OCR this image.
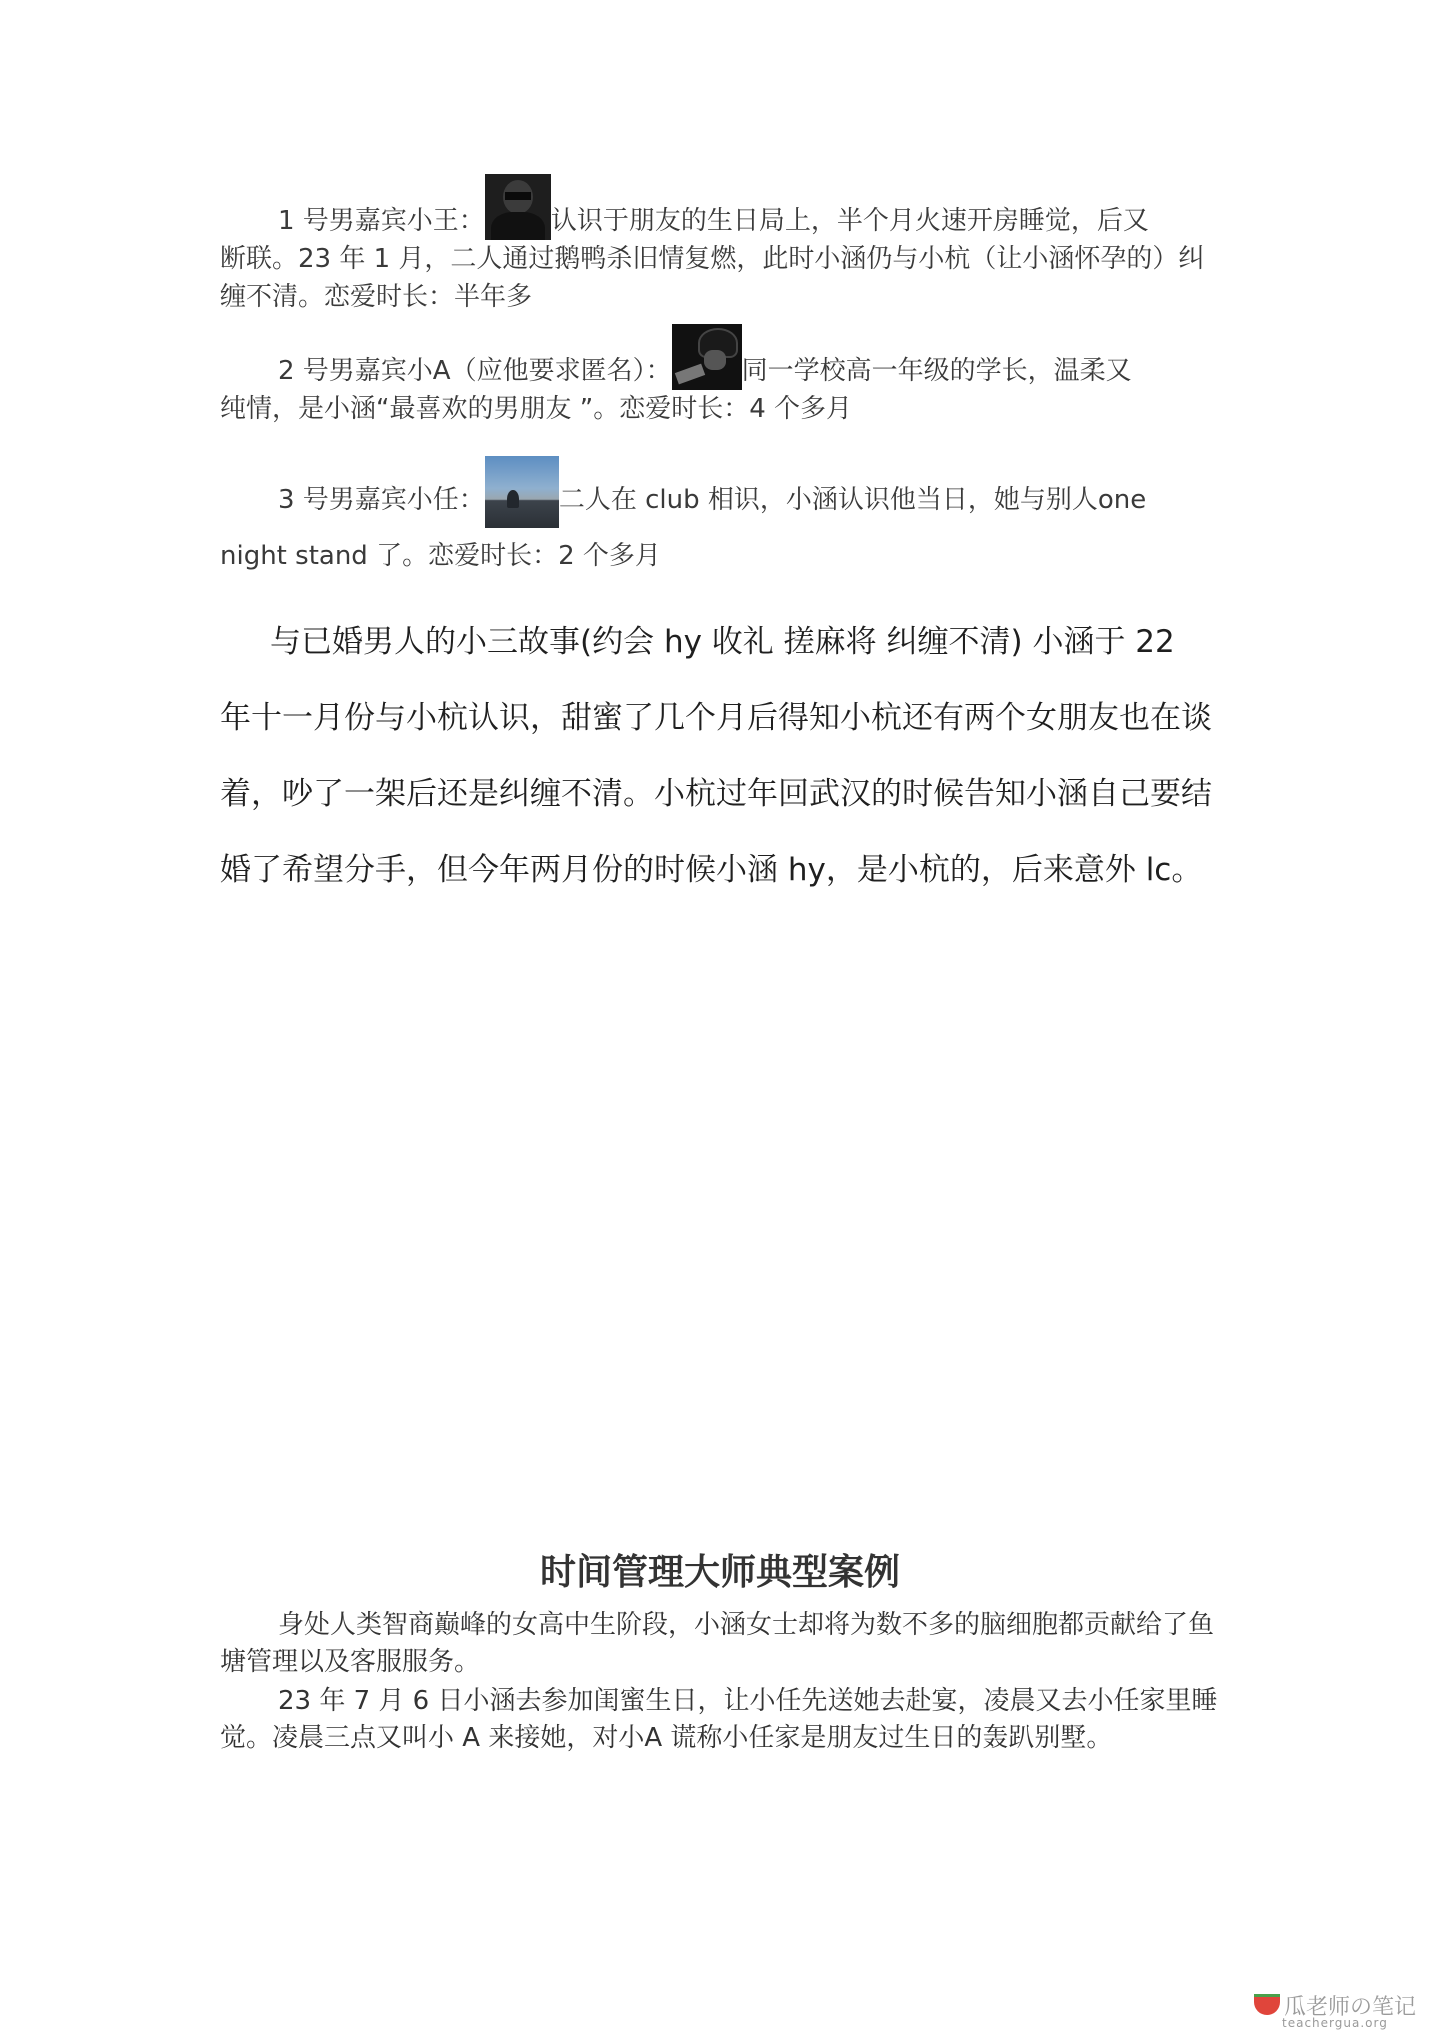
1 号男嘉宾小王：	认识于朋友的生日局上，半个月火速开房睡觉，后又
断联。23 年 1 月，二人通过鹅鸭杀旧情复燃，此时小涵仍与小杭（让小涵怀孕的）纠缠不清。恋爱时长：半年多
2 号男嘉宾小A（应他要求匿名）：	同一学校高一年级的学长，温柔又
纯情，是小涵“最喜欢的男朋友 ”。恋爱时长：4 个多月
3 号男嘉宾小任：	二人在 club 相识，小涵认识他当日，她与别人one
night stand 了。恋爱时长：2 个多月
与已婚男人的小三故事(约会 hy 收礼 搓麻将 纠缠不清) 小涵于 22
年十一月份与小杭认识，甜蜜了几个月后得知小杭还有两个女朋友也在谈
着，吵了一架后还是纠缠不清。小杭过年回武汉的时候告知小涵自己要结
婚了希望分手，但今年两月份的时候小涵 hy，是小杭的，后来意外 lc。
时间管理大师典型案例
身处人类智商巅峰的女高中生阶段，小涵女士却将为数不多的脑细胞都贡献给了鱼塘管理以及客服服务。
23 年 7 月 6 日小涵去参加闺蜜生日，让小任先送她去赴宴，凌晨又去小任家里睡觉。凌晨三点又叫小 A 来接她，对小A 谎称小任家是朋友过生日的轰趴别墅。
瓜老师の笔记
teachergua.org
